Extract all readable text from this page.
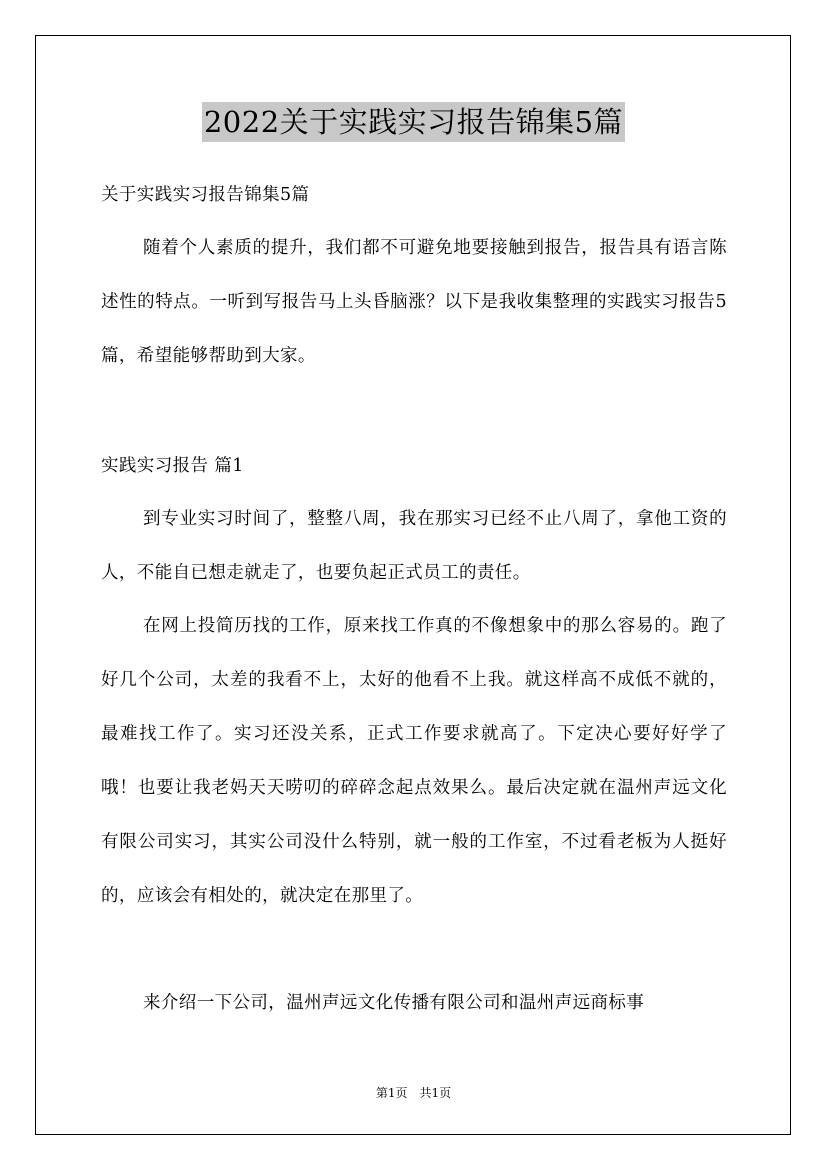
2022关于实践实习报告锦集5篇
关于实践实习报告锦集5篇

随着个人素质的提升，我们都不可避免地要接触到报告，报告具有语言陈述性的特点。一听到写报告马上头昏脑涨？以下是我收集整理的实践实习报告5篇，希望能够帮助到大家。

实践实习报告 篇1

到专业实习时间了，整整八周，我在那实习已经不止八周了，拿他工资的人，不能自已想走就走了，也要负起正式员工的责任。

在网上投简历找的工作，原来找工作真的不像想象中的那么容易的。跑了好几个公司，太差的我看不上，太好的他看不上我。就这样高不成低不就的，最难找工作了。实习还没关系，正式工作要求就高了。下定决心要好好学了哦！也要让我老妈天天唠叨的碎碎念起点效果么。最后决定就在温州声远文化有限公司实习，其实公司没什么特别，就一般的工作室，不过看老板为人挺好的，应该会有相处的，就决定在那里了。

来介绍一下公司，温州声远文化传播有限公司和温州声远商标事

第1页　共1页
